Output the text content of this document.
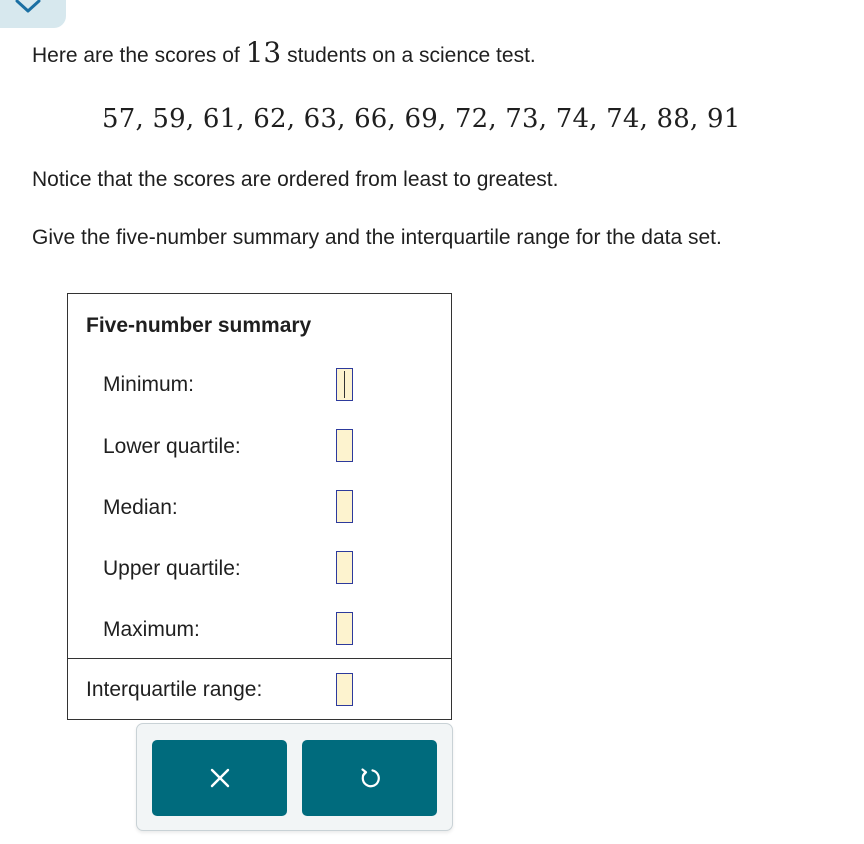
Here are the scores of 13 students on a science test.
57, 59, 61, 62, 63, 66, 69, 72, 73, 74, 74, 88, 91
Notice that the scores are ordered from least to greatest.
Give the five-number summary and the interquartile range for the data set.
Five-number summary
Minimum:
Lower quartile:
Median:
Upper quartile:
Maximum:
Interquartile range:
